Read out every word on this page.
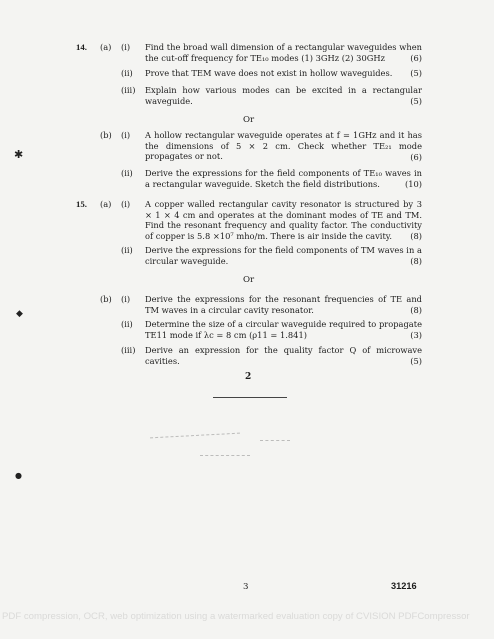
14. (a) (i) Find the broad wall dimension of a rectangular waveguides when the cut-off frequency for TE₁₀ modes (1) 3GHz (2) 30GHz	(6)
(ii) Prove that TEM wave does not exist in hollow waveguides.	(5)
(iii) Explain how various modes can be excited in a rectangular waveguide.	(5)
Or
(b) (i) A hollow rectangular waveguide operates at f = 1GHz and it has the dimensions of 5 × 2 cm. Check whether TE₂₁ mode propagates or not.	(6)
(ii) Derive the expressions for the field components of TE₁₀ waves in a rectangular waveguide. Sketch the field distributions.	(10)
15. (a) (i) A copper walled rectangular cavity resonator is structured by 3 × 1 × 4 cm and operates at the dominant modes of TE and TM. Find the resonant frequency and quality factor. The conductivity of copper is 5.8 ×10⁷ mho/m. There is air inside the cavity.	(8)
(ii) Derive the expressions for the field components of TM waves in a circular waveguide.	(8)
Or
(b) (i) Derive the expressions for the resonant frequencies of TE and TM waves in a circular cavity resonator.	(8)
(ii) Determine the size of a circular waveguide required to propagate TE11 mode if λc = 8 cm (ρ11 = 1.841)	(3)
(iii) Derive an expression for the quality factor Q of microwave cavities.	(5)
2
✱
◆
●
3	31216
PDF compression, OCR, web optimization using a watermarked evaluation copy of CVISION PDFCompressor
